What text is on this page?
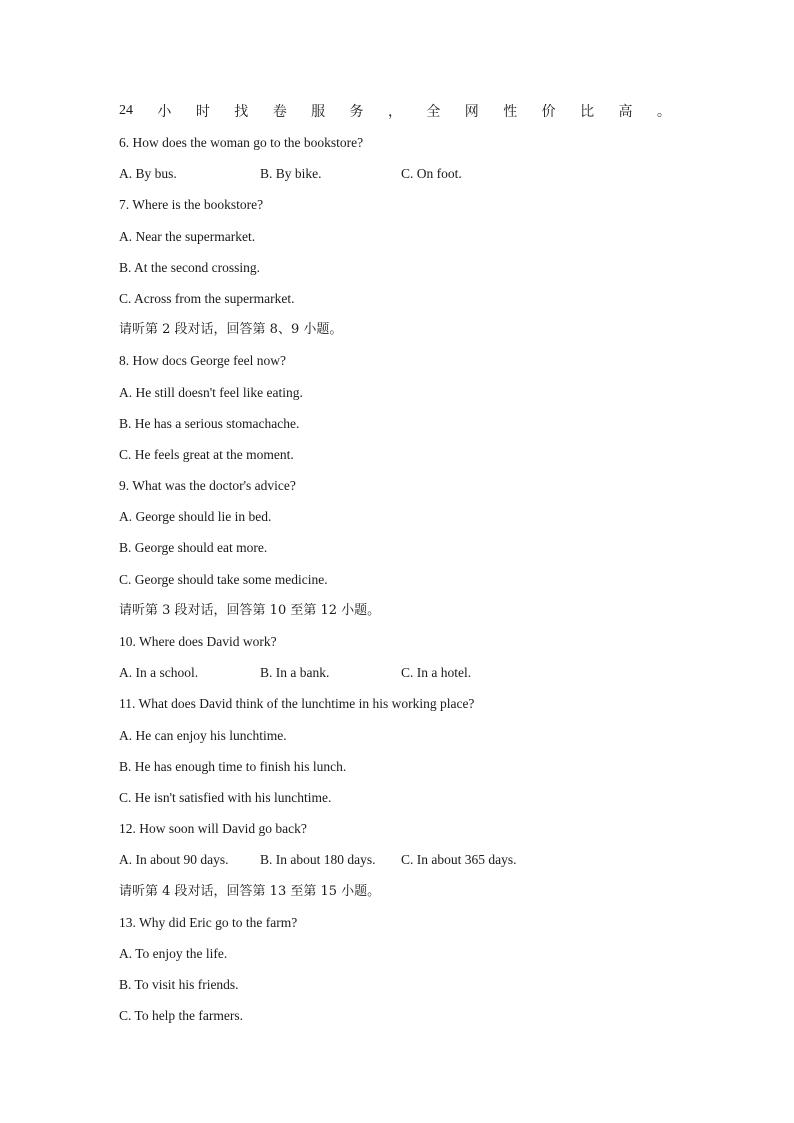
24 小 时 找 卷 服 务 ， 全 网 性 价 比 高 。
6. How does the woman go to the bookstore?
A. By bus.	B. By bike.	C. On foot.
7. Where is the bookstore?
A. Near the supermarket.
B. At the second crossing.
C. Across from the supermarket.
请听第 2 段对话，回答第 8、9 小题。
8. How docs George feel now?
A. He still doesn't feel like eating.
B. He has a serious stomachache.
C. He feels great at the moment.
9. What was the doctor's advice?
A. George should lie in bed.
B. George should eat more.
C. George should take some medicine.
请听第 3 段对话，回答第 10 至第 12 小题。
10. Where does David work?
A. In a school.	B. In a bank.	C. In a hotel.
11. What does David think of the lunchtime in his working place?
A. He can enjoy his lunchtime.
B. He has enough time to finish his lunch.
C. He isn't satisfied with his lunchtime.
12. How soon will David go back?
A. In about 90 days.	B. In about 180 days.	C. In about 365 days.
请听第 4 段对话，回答第 13 至第 15 小题。
13. Why did Eric go to the farm?
A. To enjoy the life.
B. To visit his friends.
C. To help the farmers.
